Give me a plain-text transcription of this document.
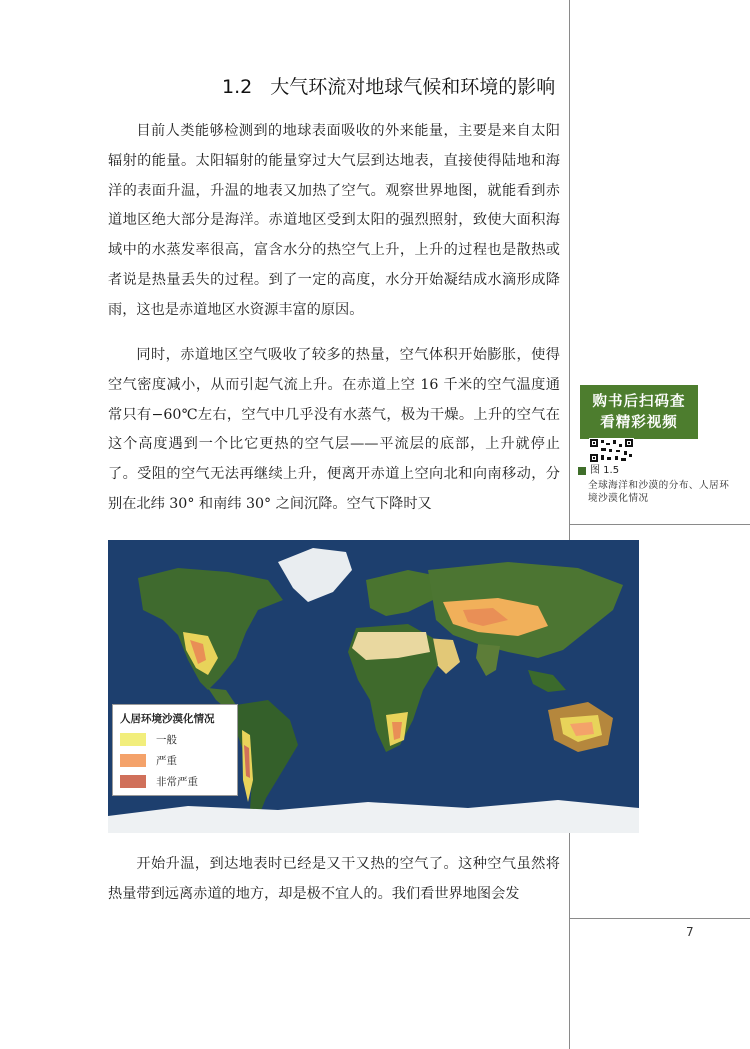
1.2 大气环流对地球气候和环境的影响

目前人类能够检测到的地球表面吸收的外来能量，主要是来自太阳辐射的能量。太阳辐射的能量穿过大气层到达地表，直接使得陆地和海洋的表面升温，升温的地表又加热了空气。观察世界地图，就能看到赤道地区绝大部分是海洋。赤道地区受到太阳的强烈照射，致使大面积海域中的水蒸发率很高，富含水分的热空气上升，上升的过程也是散热或者说是热量丢失的过程。到了一定的高度，水分开始凝结成水滴形成降雨，这也是赤道地区水资源丰富的原因。

同时，赤道地区空气吸收了较多的热量，空气体积开始膨胀，使得空气密度减小，从而引起气流上升。在赤道上空 16 千米的空气温度通常只有−60℃左右，空气中几乎没有水蒸气，极为干燥。上升的空气在这个高度遇到一个比它更热的空气层——平流层的底部，上升就停止了。受阻的空气无法再继续上升，便离开赤道上空向北和向南移动，分别在北纬 30° 和南纬 30° 之间沉降。空气下降时又

人居环境沙漠化情况
一般
严重
非常严重

开始升温，到达地表时已经是又干又热的空气了。这种空气虽然将热量带到远离赤道的地方，却是极不宜人的。我们看世界地图会发

购书后扫码查
看精彩视频
图 1.5
全球海洋和沙漠的分布、人居环境沙漠化情况
7
